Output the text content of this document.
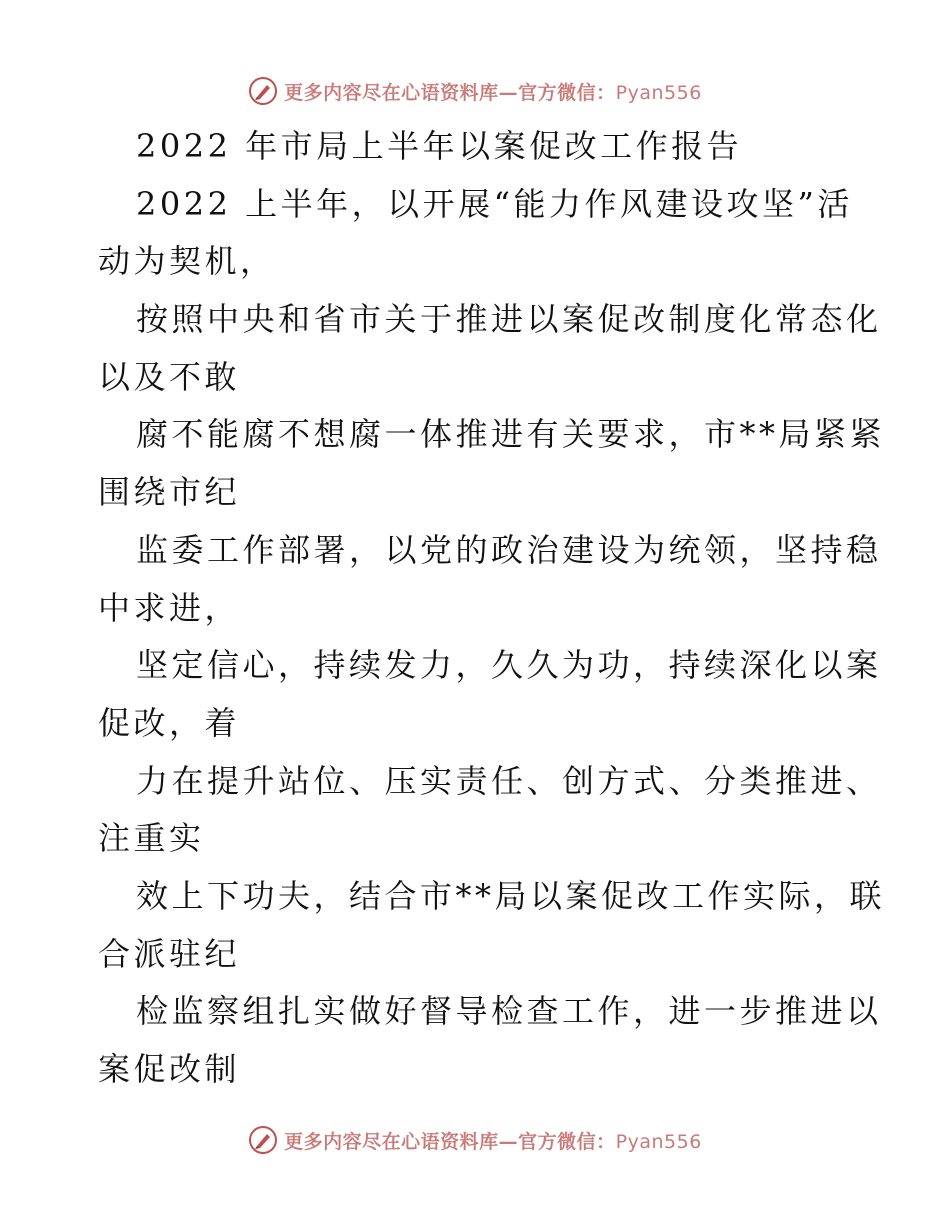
更多内容尽在心语资料库—官方微信：Pyan556
2022 年市局上半年以案促改工作报告
2022 上半年，以开展“能力作风建设攻坚”活
动为契机，
按照中央和省市关于推进以案促改制度化常态化
以及不敢
腐不能腐不想腐一体推进有关要求，市**局紧紧
围绕市纪
监委工作部署，以党的政治建设为统领，坚持稳
中求进，
坚定信心，持续发力，久久为功，持续深化以案
促改，着
力在提升站位、压实责任、创方式、分类推进、
注重实
效上下功夫，结合市**局以案促改工作实际，联
合派驻纪
检监察组扎实做好督导检查工作，进一步推进以
案促改制
更多内容尽在心语资料库—官方微信：Pyan556
